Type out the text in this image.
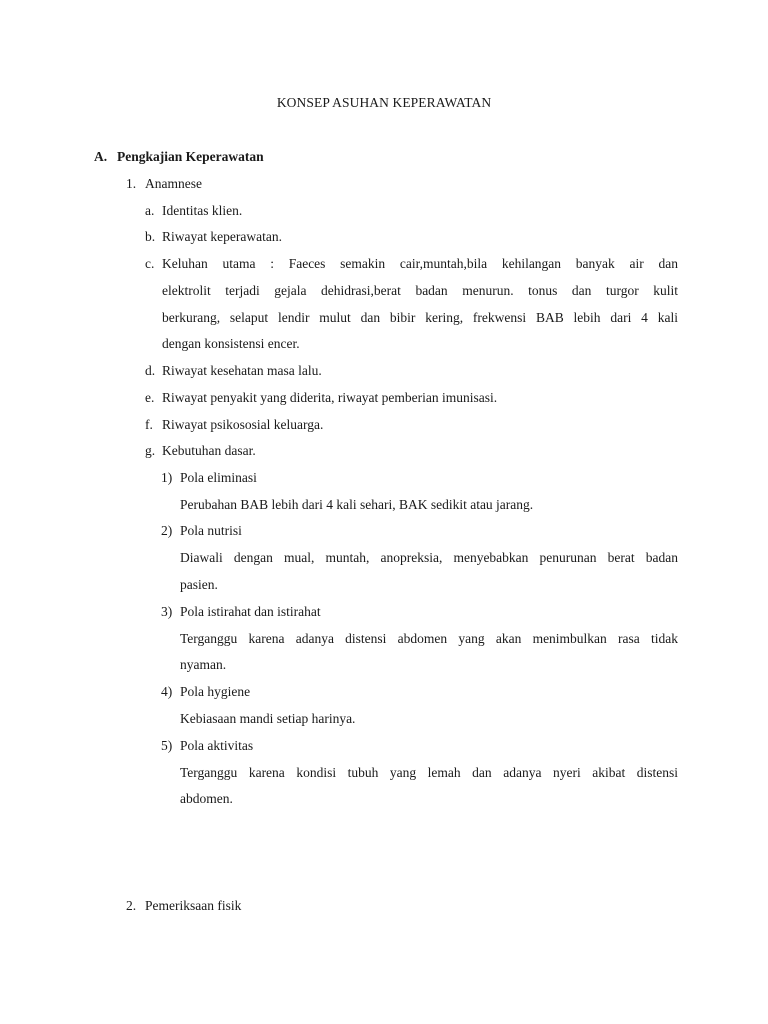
KONSEP ASUHAN KEPERAWATAN
A. Pengkajian Keperawatan
1. Anamnese
a. Identitas klien.
b. Riwayat keperawatan.
c. Keluhan utama : Faeces semakin cair,muntah,bila kehilangan banyak air dan
elektrolit terjadi gejala dehidrasi,berat badan menurun. tonus dan turgor kulit
berkurang, selaput lendir mulut dan bibir kering, frekwensi BAB lebih dari 4 kali
dengan konsistensi encer.
d. Riwayat kesehatan masa lalu.
e. Riwayat penyakit yang diderita, riwayat pemberian imunisasi.
f. Riwayat psikososial keluarga.
g. Kebutuhan dasar.
1) Pola eliminasi
Perubahan BAB lebih dari 4 kali sehari, BAK sedikit atau jarang.
2) Pola nutrisi
Diawali dengan mual, muntah, anopreksia, menyebabkan penurunan berat badan
pasien.
3) Pola istirahat dan istirahat
Terganggu karena adanya distensi abdomen yang akan menimbulkan rasa tidak
nyaman.
4) Pola hygiene
Kebiasaan mandi setiap harinya.
5) Pola aktivitas
Terganggu karena kondisi tubuh yang lemah dan adanya nyeri akibat distensi
abdomen.
2. Pemeriksaan fisik
